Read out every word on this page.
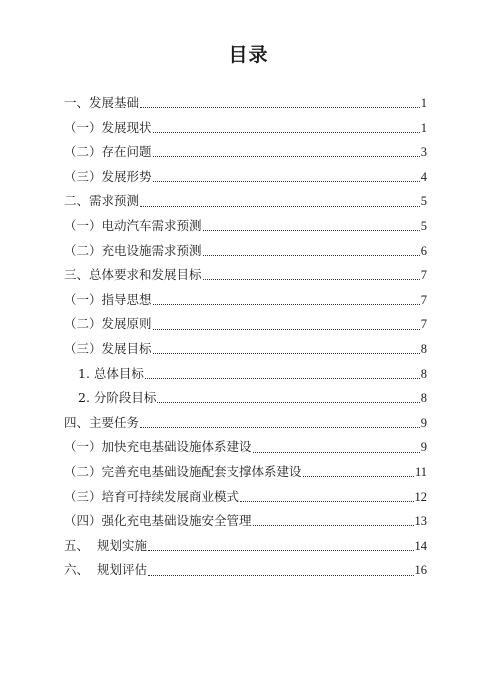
目录
一、发展基础	1
（一）发展现状	1
（二）存在问题	3
（三）发展形势	4
二、需求预测	5
（一）电动汽车需求预测	5
（二）充电设施需求预测	6
三、总体要求和发展目标	7
（一）指导思想	7
（二）发展原则	7
（三）发展目标	8
1. 总体目标	8
2. 分阶段目标	8
四、主要任务	9
（一）加快充电基础设施体系建设	9
（二）完善充电基础设施配套支撑体系建设	11
（三）培育可持续发展商业模式	12
（四）强化充电基础设施安全管理	13
五、  规划实施	14
六、  规划评估	16
